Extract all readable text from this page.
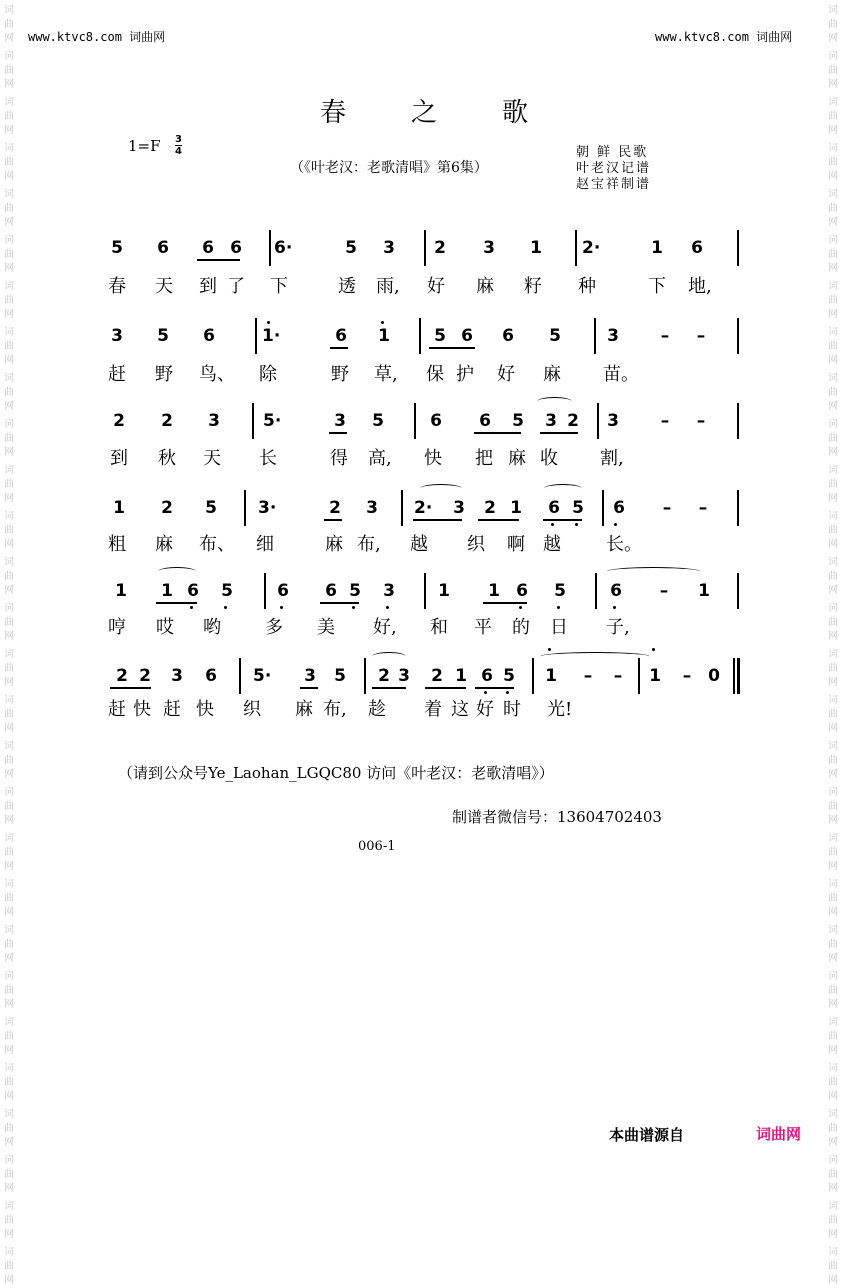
词
曲
网
词
曲
网
词
曲
网
词
曲
网
词
曲
网
词
曲
网
词
曲
网
词
曲
网
词
曲
网
词
曲
网
词
曲
网
词
曲
网
词
曲
网
词
曲
网
词
曲
网
词
曲
网
词
曲
网
词
曲
网
词
曲
网
词
曲
网
词
曲
网
词
曲
网
词
曲
网
词
曲
网
词
曲
网
词
曲
网
词
曲
网
词
曲
网
词
曲
网
词
曲
网
词
曲
网
词
曲
网
词
曲
网
词
曲
网
词
曲
网
词
曲
网
词
曲
网
词
曲
网
词
曲
网
词
曲
网
词
曲
网
词
曲
网
词
曲
网
词
曲
网
词
曲
网
词
曲
网
词
曲
网
词
曲
网
词
曲
网
词
曲
网
词
曲
网
词
曲
网
词
曲
网
词
曲
网
词
曲
网
词
曲
网
www.ktvc8.com 词曲网	www.ktvc8.com 词曲网
春 之 歌
1=F 3
4
（《叶老汉：老歌清唱》第6集）
朝 鲜 民歌
叶老汉记谱
赵宝祥制谱
5 6 6 6 6·	5 3 2 3 1 2·	1 6
春 天 到 了 下	透 雨, 好 麻 籽 种	下 地,
3 5 6	1·	6 1	5 6 6 5	3 – –
赶 野 鸟、 除	野 草, 保 护 好 麻 苗。
2 2 3	5·	3 5	6 6 5 3 2 3 – –
到 秋 天 长	得 高, 快 把 麻 收 割,
1 2 5 3·	2 3 2· 3 2 1 6 5 6 – –
粗 麻 布、 细	麻 布, 越 织 啊 越	长。
1 1 6 5	6 6 5 3	1 1 6 5	6 – 1
哼 哎 哟 多 美 好, 和 平 的 日 子,
2 2 3 6 5· 3 5 2 3 2 1 6 5 1 – – 1 – 0
赶 快 赶 快 织 麻 布, 趁 着 这 好 时 光!
（请到公众号Ye_Laohan_LGQC80 访问《叶老汉：老歌清唱》）
制谱者微信号：13604702403
006-1
本曲谱源自	词曲网
